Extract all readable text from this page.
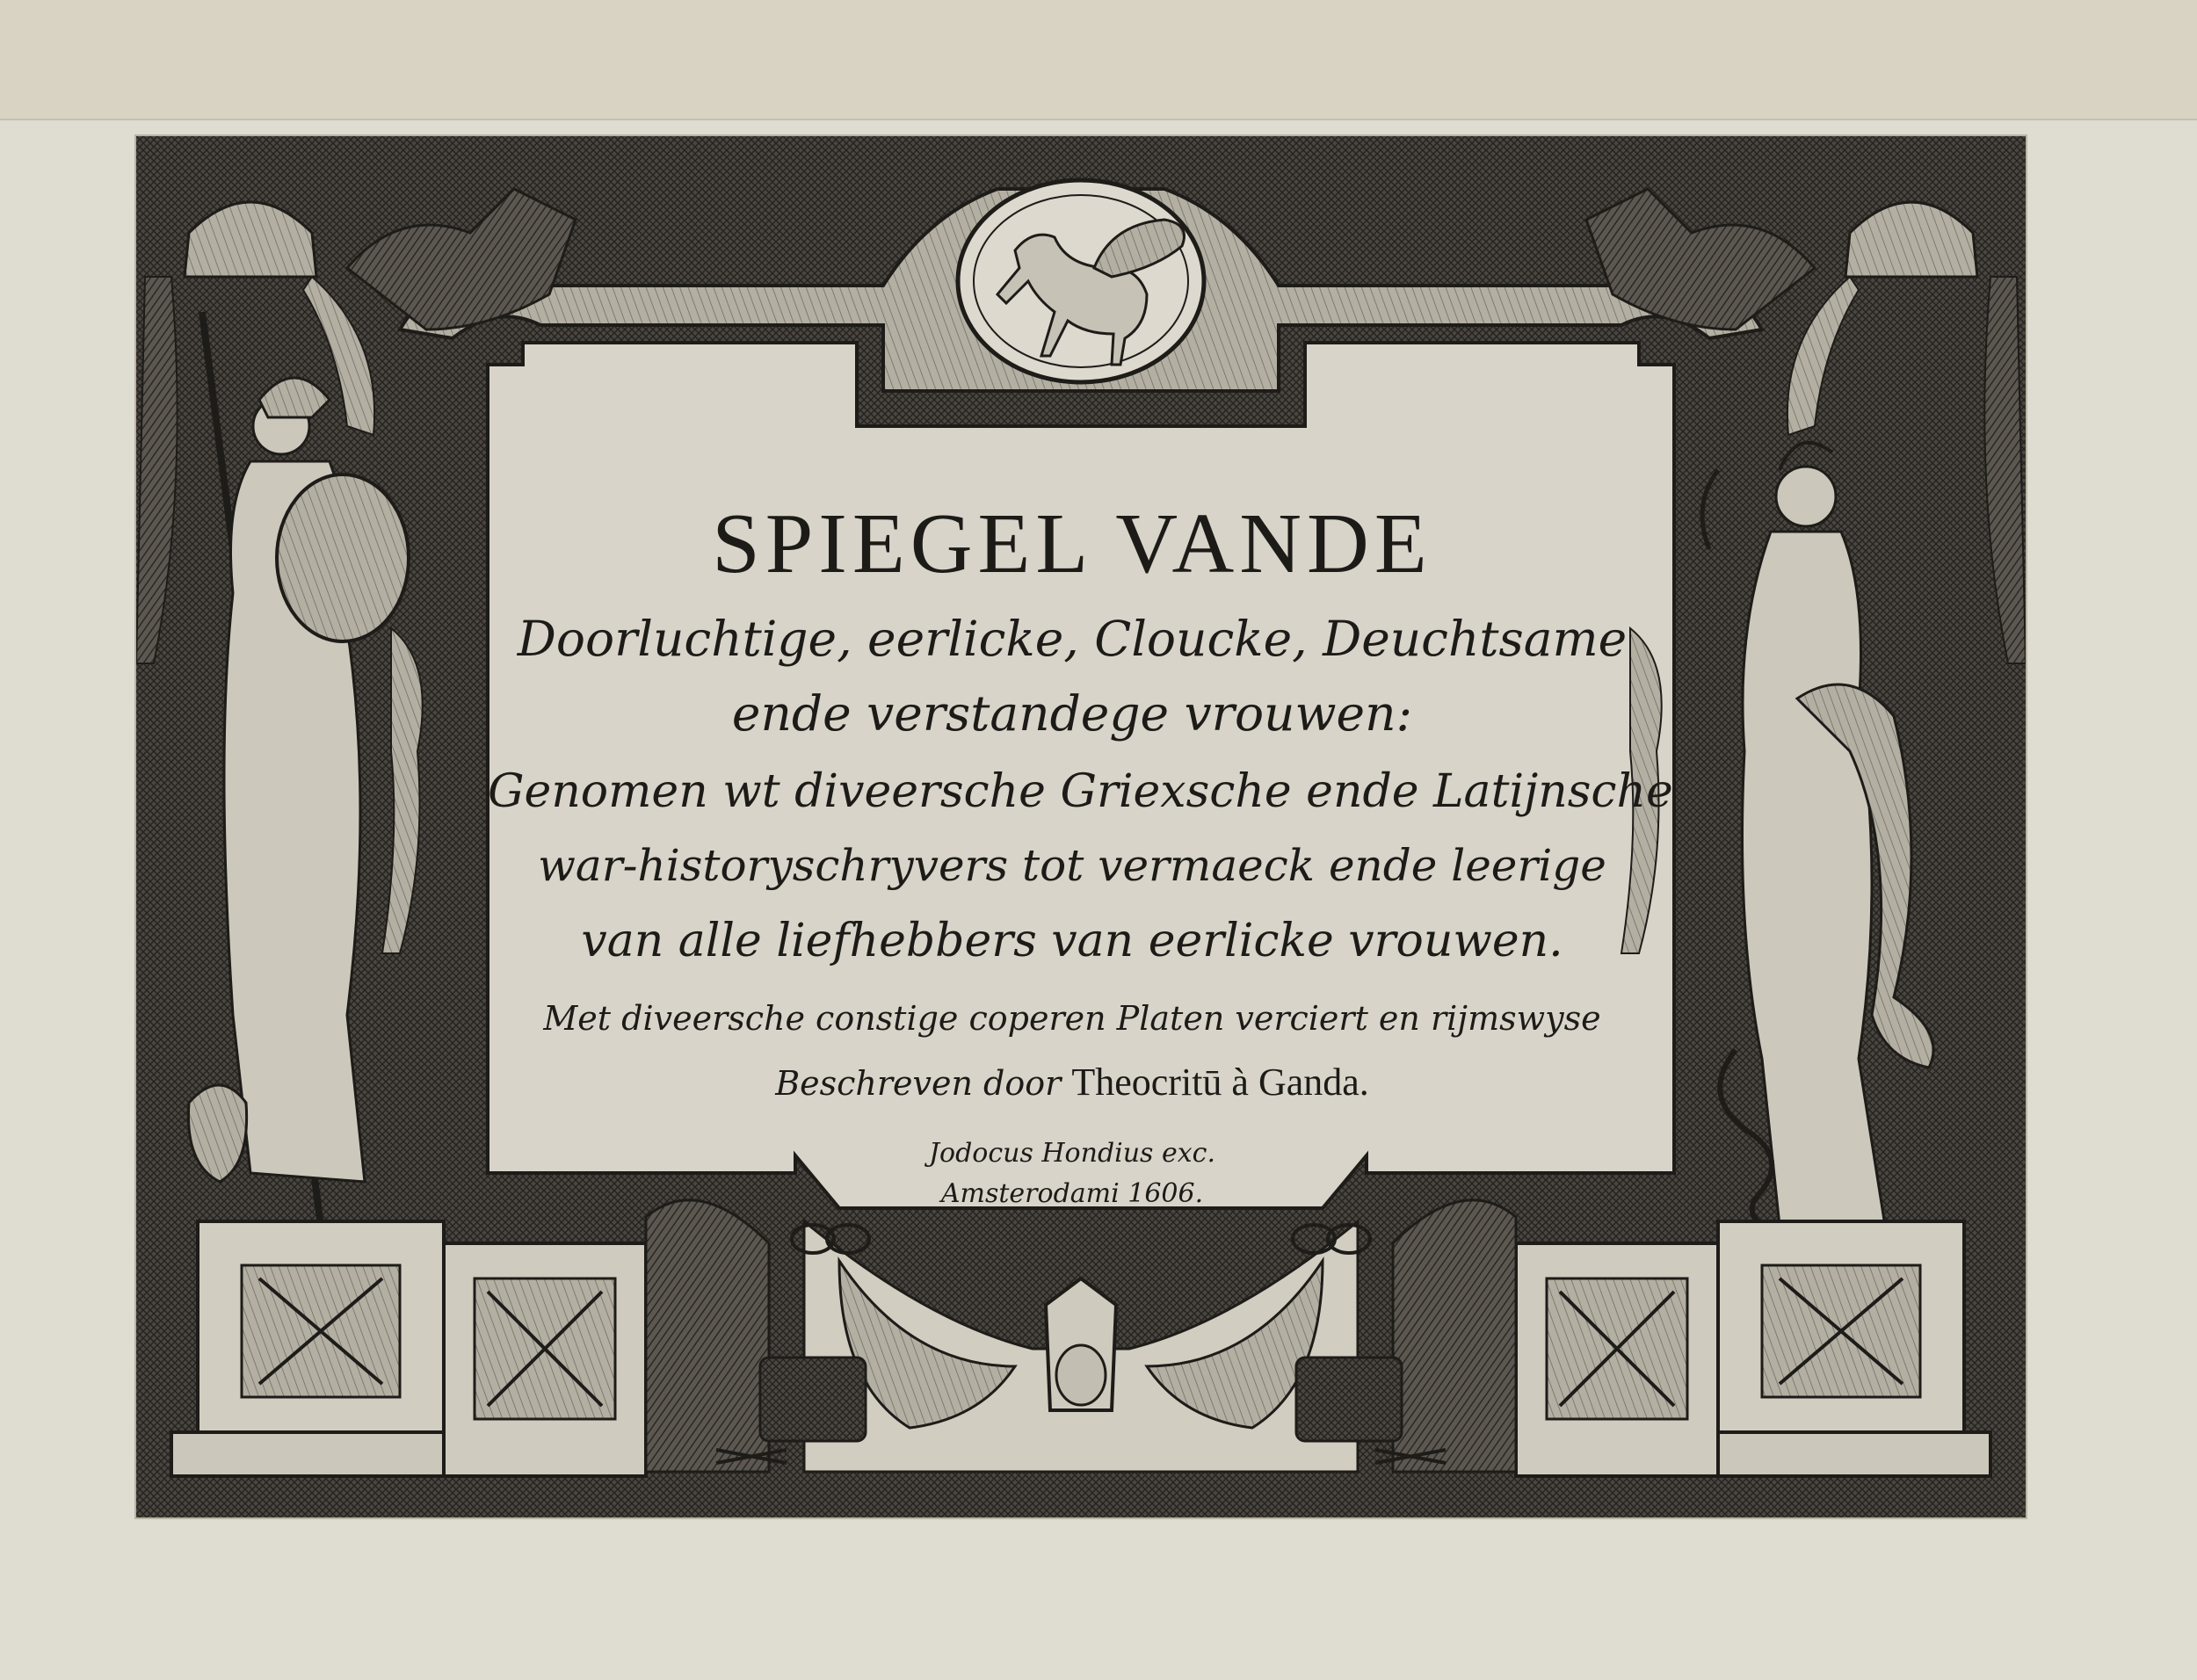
SPIEGEL VANDE
Doorluchtige, eerlicke, Cloucke, Deuchtsame
ende verstandege vrouwen:
Genomen wt diveersche Griexsche ende Latijnsche
war-historyschryvers tot vermaeck ende leerige
van alle liefhebbers van eerlicke vrouwen.
Met diveersche constige coperen Platen verciert en rijmswyse
Beschreven door Theocritū à Ganda.
Jodocus Hondius exc.
Amsterodami 1606.
